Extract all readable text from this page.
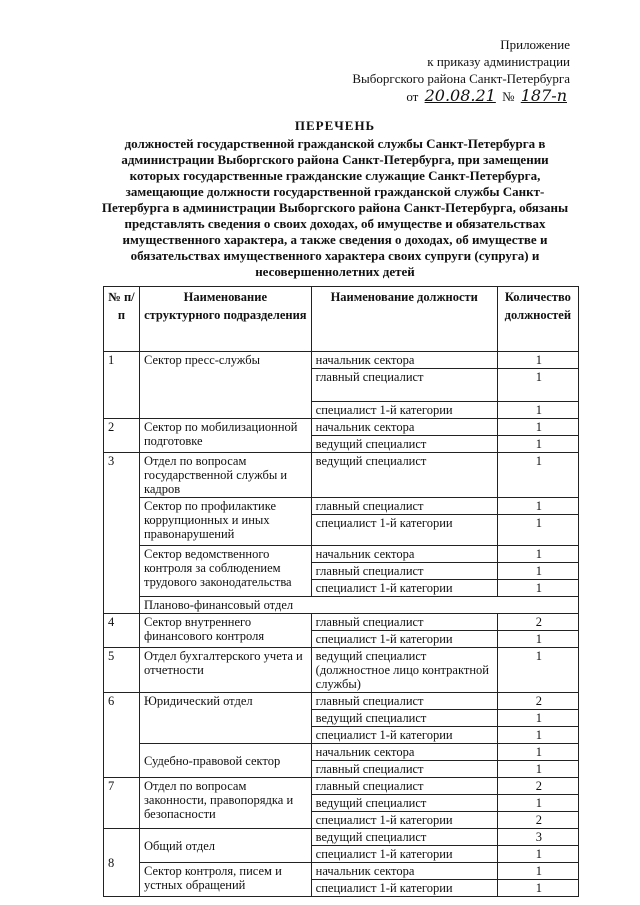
Приложение
к приказу администрации
Выборгского района Санкт-Петербурга
от 20.08.21 № 187-п
ПЕРЕЧЕНЬ
должностей государственной гражданской службы Санкт-Петербурга в администрации Выборгского района Санкт-Петербурга, при замещении которых государственные гражданские служащие Санкт-Петербурга, замещающие должности государственной гражданской службы Санкт-Петербурга в администрации Выборгского района Санкт-Петербурга, обязаны представлять сведения о своих доходах, об имуществе и обязательствах имущественного характера, а также сведения о доходах, об имуществе и обязательствах имущественного характера своих супруги (супруга) и несовершеннолетних детей
№ п/п	Наименование структурного подразделения	Наименование должности	Количество должностей
1	Сектор пресс-службы	начальник сектора	1
		главный специалист	1
		специалист 1-й категории	1
2	Сектор по мобилизационной подготовке	начальник сектора	1
		ведущий специалист	1
3	Отдел по вопросам государственной службы и кадров	ведущий специалист	1
	Сектор по профилактике коррупционных и иных правонарушений	главный специалист	1
		специалист 1-й категории	1
	Сектор ведомственного контроля за соблюдением трудового законодательства	начальник сектора	1
		главный специалист	1
		специалист 1-й категории	1
	Планово-финансовый отдел		
4	Сектор внутреннего финансового контроля	главный специалист	2
		специалист 1-й категории	1
5	Отдел бухгалтерского учета и отчетности	ведущий специалист (должностное лицо контрактной службы)	1
6	Юридический отдел	главный специалист	2
		ведущий специалист	1
		специалист 1-й категории	1
	Судебно-правовой сектор	начальник сектора	1
		главный специалист	1
7	Отдел по вопросам законности, правопорядка и безопасности	главный специалист	2
		ведущий специалист	1
		специалист 1-й категории	2
8	Общий отдел	ведущий специалист	3
		специалист 1-й категории	1
	Сектор контроля, писем и устных обращений	начальник сектора	1
		специалист 1-й категории	1
